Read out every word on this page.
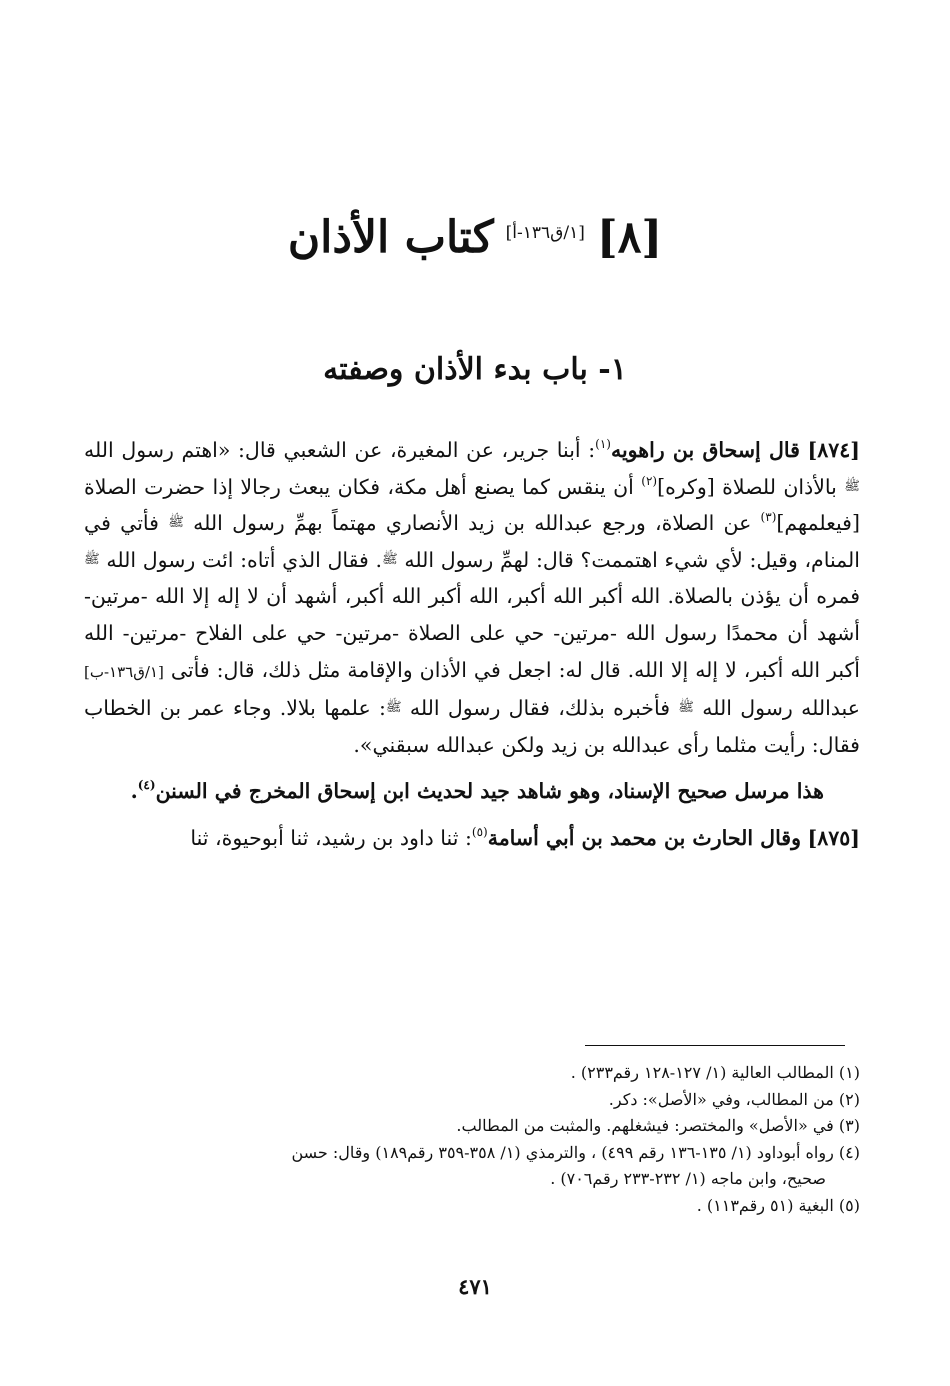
[٨][١/ق١٣٦-أ]كتاب الأذان
١- باب بدء الأذان وصفته

[٨٧٤] قال إسحاق بن راهويه$^{(١)}$: أبنا جرير، عن المغيرة، عن الشعبي قال: «اهتم رسول الله ﷺ بالأذان للصلاة [وكره]$^{(٢)}$ أن ينقس كما يصنع أهل مكة، فكان يبعث رجالا إذا حضرت الصلاة [فيعلمهم]$^{(٣)}$ عن الصلاة، ورجع عبدالله بن زيد الأنصاري مهتماً بهمِّ رسول الله ﷺ فأتي في المنام، وقيل: لأي شيء اهتممت؟ قال: لهمِّ رسول الله ﷺ. فقال الذي أتاه: ائت رسول الله ﷺ فمره أن يؤذن بالصلاة. الله أكبر الله أكبر، الله أكبر الله أكبر، أشهد أن لا إله إلا الله -مرتين- أشهد أن محمدًا رسول الله -مرتين- حي على الصلاة -مرتين- حي على الفلاح -مرتين- الله أكبر الله أكبر، لا إله إلا الله. قال له: اجعل في الأذان والإقامة مثل ذلك، قال: فأتى [١/ق١٣٦-ب] عبدالله رسول الله ﷺ فأخبره بذلك، فقال رسول الله ﷺ: علمها بلالا. وجاء عمر بن الخطاب فقال: رأيت مثلما رأى عبدالله بن زيد ولكن عبدالله سبقني».

هذا مرسل صحيح الإسناد، وهو شاهد جيد لحديث ابن إسحاق المخرج في السنن$^{(٤)}$.

[٨٧٥] وقال الحارث بن محمد بن أبي أسامة$^{(٥)}$: ثنا داود بن رشيد، ثنا أبوحيوة، ثنا

(١) المطالب العالية (١/ ١٢٧-١٢٨ رقم٢٣٣) .

(٢) من المطالب، وفي «الأصل»: دكر.

(٣) في «الأصل» والمختصر: فيشغلهم. والمثبت من المطالب.

(٤) رواه أبوداود (١/ ١٣٥-١٣٦ رقم ٤٩٩) ، والترمذي (١/ ٣٥٨-٣٥٩ رقم١٨٩) وقال: حسن

صحيح، وابن ماجه (١/ ٢٣٢-٢٣٣ رقم٧٠٦) .

(٥) البغية (٥١ رقم١١٣) .

٤٧١
